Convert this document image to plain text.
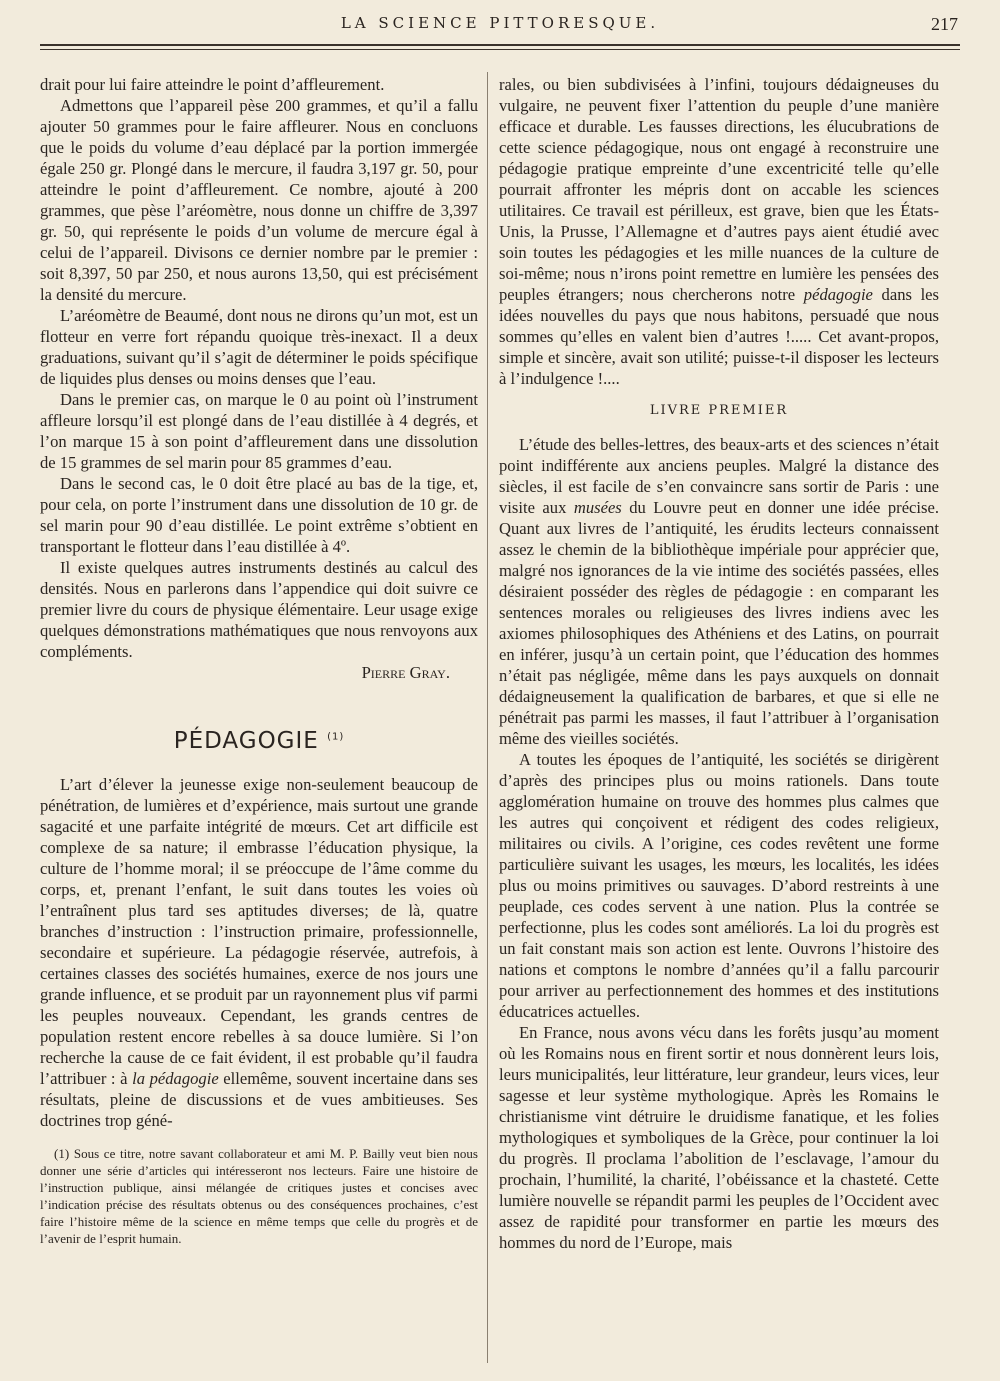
LA SCIENCE PITTORESQUE.	217

drait pour lui faire atteindre le point d’affleurement.

Admettons que l’appareil pèse 200 grammes, et qu’il a fallu ajouter 50 grammes pour le faire affleurer. Nous en concluons que le poids du volume d’eau déplacé par la portion immergée égale 250 gr. Plongé dans le mercure, il faudra 3,197 gr. 50, pour atteindre le point d’affleurement. Ce nombre, ajouté à 200 grammes, que pèse l’aréomètre, nous donne un chiffre de 3,397 gr. 50, qui représente le poids d’un volume de mercure égal à celui de l’appareil. Divisons ce dernier nombre par le premier : soit 8,397, 50 par 250, et nous aurons 13,50, qui est précisément la densité du mercure.

L’aréomètre de Beaumé, dont nous ne dirons qu’un mot, est un flotteur en verre fort répandu quoique très-inexact. Il a deux graduations, suivant qu’il s’agit de déterminer le poids spécifique de liquides plus denses ou moins denses que l’eau.

Dans le premier cas, on marque le 0 au point où l’instrument affleure lorsqu’il est plongé dans de l’eau distillée à 4 degrés, et l’on marque 15 à son point d’affleurement dans une dissolution de 15 grammes de sel marin pour 85 grammes d’eau.

Dans le second cas, le 0 doit être placé au bas de la tige, et, pour cela, on porte l’instrument dans une dissolution de 10 gr. de sel marin pour 90 d’eau distillée. Le point extrême s’obtient en transportant le flotteur dans l’eau distillée à 4º.

Il existe quelques autres instruments destinés au calcul des densités. Nous en parlerons dans l’appendice qui doit suivre ce premier livre du cours de physique élémentaire. Leur usage exige quelques démonstrations mathématiques que nous renvoyons aux compléments.

Pierre Gray.

PÉDAGOGIE $^{(1)}$

L’art d’élever la jeunesse exige non-seulement beaucoup de pénétration, de lumières et d’expérience, mais surtout une grande sagacité et une parfaite intégrité de mœurs. Cet art difficile est complexe de sa nature; il embrasse l’éducation physique, la culture de l’homme moral; il se préoccupe de l’âme comme du corps, et, prenant l’enfant, le suit dans toutes les voies où l’entraînent plus tard ses aptitudes diverses; de là, quatre branches d’instruction : l’instruction primaire, professionnelle, secondaire et supérieure. La pédagogie réservée, autrefois, à certaines classes des sociétés humaines, exerce de nos jours une grande influence, et se produit par un rayonnement plus vif parmi les peuples nouveaux. Cependant, les grands centres de population restent encore rebelles à sa douce lumière. Si l’on recherche la cause de ce fait évident, il est probable qu’il faudra l’attribuer : à la pédagogie ellemême, souvent incertaine dans ses résultats, pleine de discussions et de vues ambitieuses. Ses doctrines trop géné-

(1) Sous ce titre, notre savant collaborateur et ami M. P. Bailly veut bien nous donner une série d’articles qui intéresseront nos lecteurs. Faire une histoire de l’instruction publique, ainsi mélangée de critiques justes et concises avec l’indication précise des résultats obtenus ou des conséquences prochaines, c’est faire l’histoire même de la science en même temps que celle du progrès et de l’avenir de l’esprit humain.

rales, ou bien subdivisées à l’infini, toujours dédaigneuses du vulgaire, ne peuvent fixer l’attention du peuple d’une manière efficace et durable. Les fausses directions, les élucubrations de cette science pédagogique, nous ont engagé à reconstruire une pédagogie pratique empreinte d’une excentricité telle qu’elle pourrait affronter les mépris dont on accable les sciences utilitaires. Ce travail est périlleux, est grave, bien que les États-Unis, la Prusse, l’Allemagne et d’autres pays aient étudié avec soin toutes les pédagogies et les mille nuances de la culture de soi-même; nous n’irons point remettre en lumière les pensées des peuples étrangers; nous chercherons notre pédagogie dans les idées nouvelles du pays que nous habitons, persuadé que nous sommes qu’elles en valent bien d’autres !..... Cet avant-propos, simple et sincère, avait son utilité; puisse-t-il disposer les lecteurs à l’indulgence !....

LIVRE PREMIER

L’étude des belles-lettres, des beaux-arts et des sciences n’était point indifférente aux anciens peuples. Malgré la distance des siècles, il est facile de s’en convaincre sans sortir de Paris : une visite aux musées du Louvre peut en donner une idée précise. Quant aux livres de l’antiquité, les érudits lecteurs connaissent assez le chemin de la bibliothèque impériale pour apprécier que, malgré nos ignorances de la vie intime des sociétés passées, elles désiraient posséder des règles de pédagogie : en comparant les sentences morales ou religieuses des livres indiens avec les axiomes philosophiques des Athéniens et des Latins, on pourrait en inférer, jusqu’à un certain point, que l’éducation des hommes n’était pas négligée, même dans les pays auxquels on donnait dédaigneusement la qualification de barbares, et que si elle ne pénétrait pas parmi les masses, il faut l’attribuer à l’organisation même des vieilles sociétés.

A toutes les époques de l’antiquité, les sociétés se dirigèrent d’après des principes plus ou moins rationels. Dans toute agglomération humaine on trouve des hommes plus calmes que les autres qui conçoivent et rédigent des codes religieux, militaires ou civils. A l’origine, ces codes revêtent une forme particulière suivant les usages, les mœurs, les localités, les idées plus ou moins primitives ou sauvages. D’abord restreints à une peuplade, ces codes servent à une nation. Plus la contrée se perfectionne, plus les codes sont améliorés. La loi du progrès est un fait constant mais son action est lente. Ouvrons l’histoire des nations et comptons le nombre d’années qu’il a fallu parcourir pour arriver au perfectionnement des hommes et des institutions éducatrices actuelles.

En France, nous avons vécu dans les forêts jusqu’au moment où les Romains nous en firent sortir et nous donnèrent leurs lois, leurs municipalités, leur littérature, leur grandeur, leurs vices, leur sagesse et leur système mythologique. Après les Romains le christianisme vint détruire le druidisme fanatique, et les folies mythologiques et symboliques de la Grèce, pour continuer la loi du progrès. Il proclama l’abolition de l’esclavage, l’amour du prochain, l’humilité, la charité, l’obéissance et la chasteté. Cette lumière nouvelle se répandit parmi les peuples de l’Occident avec assez de rapidité pour transformer en partie les mœurs des hommes du nord de l’Europe, mais
